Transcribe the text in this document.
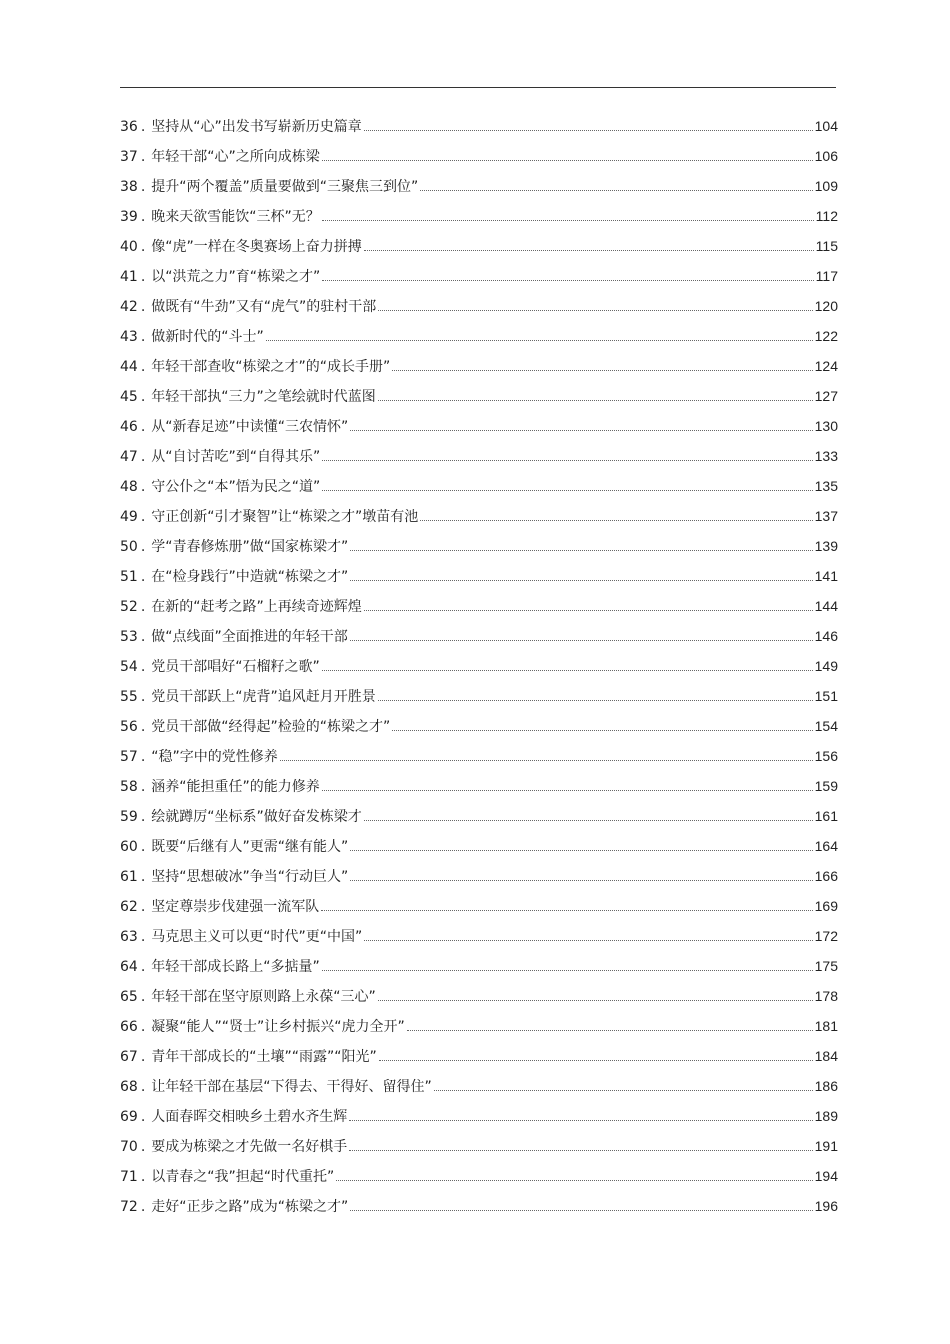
36 . 坚持从“心”出发书写崭新历史篇章	104
37 . 年轻干部“心”之所向成栋梁	106
38 . 提升“两个覆盖”质量要做到“三聚焦三到位”	109
39 . 晚来天欲雪能饮“三杯”无？	112
40 . 像“虎”一样在冬奥赛场上奋力拼搏	115
41 . 以“洪荒之力”育“栋梁之才”	117
42 . 做既有“牛劲”又有“虎气”的驻村干部	120
43 . 做新时代的“斗士”	122
44 . 年轻干部查收“栋梁之才”的“成长手册”	124
45 . 年轻干部执“三力”之笔绘就时代蓝图	127
46 . 从“新春足迹”中读懂“三农情怀”	130
47 . 从“自讨苦吃”到“自得其乐”	133
48 . 守公仆之“本”悟为民之“道”	135
49 . 守正创新“引才聚智”让“栋梁之才”墩苗有池	137
50 . 学“青春修炼册”做“国家栋梁才”	139
51 . 在“检身践行”中造就“栋梁之才”	141
52 . 在新的“赶考之路”上再续奇迹辉煌	144
53 . 做“点线面”全面推进的年轻干部	146
54 . 党员干部唱好“石榴籽之歌”	149
55 . 党员干部跃上“虎背”追风赶月开胜景	151
56 . 党员干部做“经得起”检验的“栋梁之才”	154
57 . “稳”字中的党性修养	156
58 . 涵养“能担重任”的能力修养	159
59 . 绘就蹲厉“坐标系”做好奋发栋梁才	161
60 . 既要“后继有人”更需“继有能人”	164
61 . 坚持“思想破冰”争当“行动巨人”	166
62 . 坚定尊崇步伐建强一流军队	169
63 . 马克思主义可以更“时代”更“中国”	172
64 . 年轻干部成长路上“多掂量”	175
65 . 年轻干部在坚守原则路上永葆“三心”	178
66 . 凝聚“能人”“贤士”让乡村振兴“虎力全开”	181
67 . 青年干部成长的“土壤”“雨露”“阳光”	184
68 . 让年轻干部在基层“下得去、干得好、留得住”	186
69 . 人面春晖交相映乡土碧水齐生辉	189
70 . 要成为栋梁之才先做一名好棋手	191
71 . 以青春之“我”担起“时代重托”	194
72 . 走好“正步之路”成为“栋梁之才”	196
